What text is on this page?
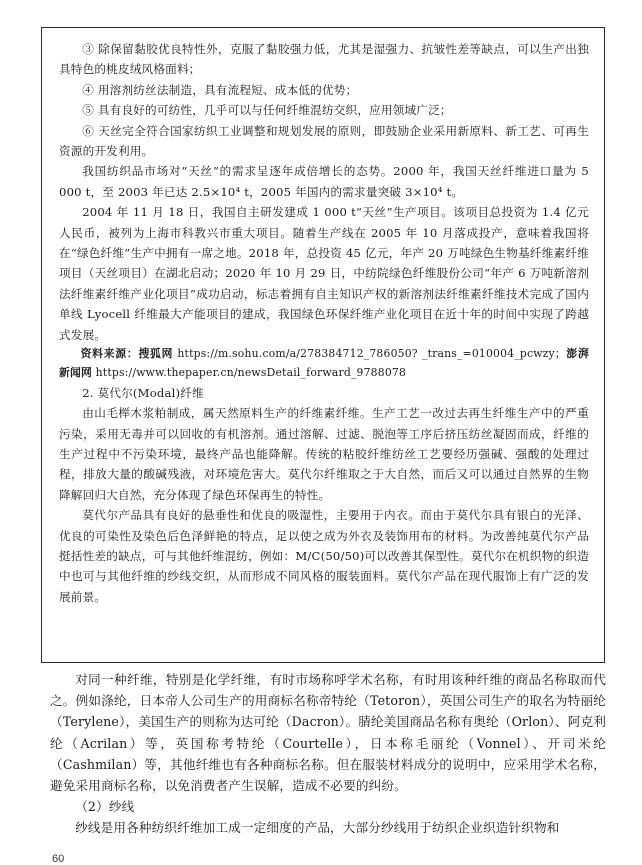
③ 除保留黏胶优良特性外，克服了黏胶强力低，尤其是湿强力、抗皱性差等缺点，可以生产出独具特色的桃皮绒风格面料；

④ 用溶剂纺丝法制造，具有流程短、成本低的优势；

⑤ 具有良好的可纺性，几乎可以与任何纤维混纺交织，应用领域广泛；

⑥ 天丝完全符合国家纺织工业调整和规划发展的原则，即鼓励企业采用新原料、新工艺、可再生资源的开发利用。

我国纺织品市场对“天丝”的需求呈逐年成倍增长的态势。2000 年，我国天丝纤维进口量为 5 000 t，至 2003 年已达 2.5×10⁴ t，2005 年国内的需求量突破 3×10⁴ t。

2004 年 11 月 18 日，我国自主研发建成 1 000 t“天丝”生产项目。该项目总投资为 1.4 亿元人民币，被列为上海市科教兴市重大项目。随着生产线在 2005 年 10 月落成投产，意味着我国将在“绿色纤维”生产中拥有一席之地。2018 年，总投资 45 亿元，年产 20 万吨绿色生物基纤维素纤维项目（天丝项目）在湖北启动；2020 年 10 月 29 日，中纺院绿色纤维股份公司“年产 6 万吨新溶剂法纤维素纤维产业化项目”成功启动，标志着拥有自主知识产权的新溶剂法纤维素纤维技术完成了国内单线 Lyocell 纤维最大产能项目的建成，我国绿色环保纤维产业化项目在近十年的时间中实现了跨越式发展。

资料来源：搜狐网 https://m.sohu.com/a/278384712_786050? _trans_=010004_pcwzy；澎湃新闻网 https://www.thepaper.cn/newsDetail_forward_9788078

2. 莫代尔(Modal)纤维

由山毛榉木浆粕制成，属天然原料生产的纤维素纤维。生产工艺一改过去再生纤维生产中的严重污染，采用无毒并可以回收的有机溶剂。通过溶解、过滤、脱泡等工序后挤压纺丝凝固而成，纤维的生产过程中不污染环境，最终产品也能降解。传统的粘胶纤维纺丝工艺要经历强碱、强酸的处理过程，排放大量的酸碱残液，对环境危害大。莫代尔纤维取之于大自然，而后又可以通过自然界的生物降解回归大自然，充分体现了绿色环保再生的特性。

莫代尔产品具有良好的悬垂性和优良的吸湿性，主要用于内衣。而由于莫代尔具有银白的光泽、优良的可染性及染色后色泽鲜艳的特点，足以使之成为外衣及装饰用布的材料。为改善纯莫代尔产品挺括性差的缺点，可与其他纤维混纺，例如：M/C(50/50)可以改善其保型性。莫代尔在机织物的织造中也可与其他纤维的纱线交织，从而形成不同风格的服装面料。莫代尔产品在现代服饰上有广泛的发展前景。

对同一种纤维，特别是化学纤维，有时市场称呼学术名称，有时用该种纤维的商品名称取而代之。例如涤纶，日本帝人公司生产的用商标名称帝特纶（Tetoron），英国公司生产的取名为特丽纶（Terylene），美国生产的则称为达可纶（Dacron）。腈纶美国商品名称有奥纶（Orlon）、阿克利纶（Acrilan）等，英国称考特纶（Courtelle），日本称毛丽纶（Vonnel）、开司米纶（Cashmilan）等，其他纤维也有各种商标名称。但在服装材料成分的说明中，应采用学术名称，避免采用商标名称，以免消费者产生误解，造成不必要的纠纷。

（2）纱线

纱线是用各种纺织纤维加工成一定细度的产品，大部分纱线用于纺织企业织造针织物和

60
